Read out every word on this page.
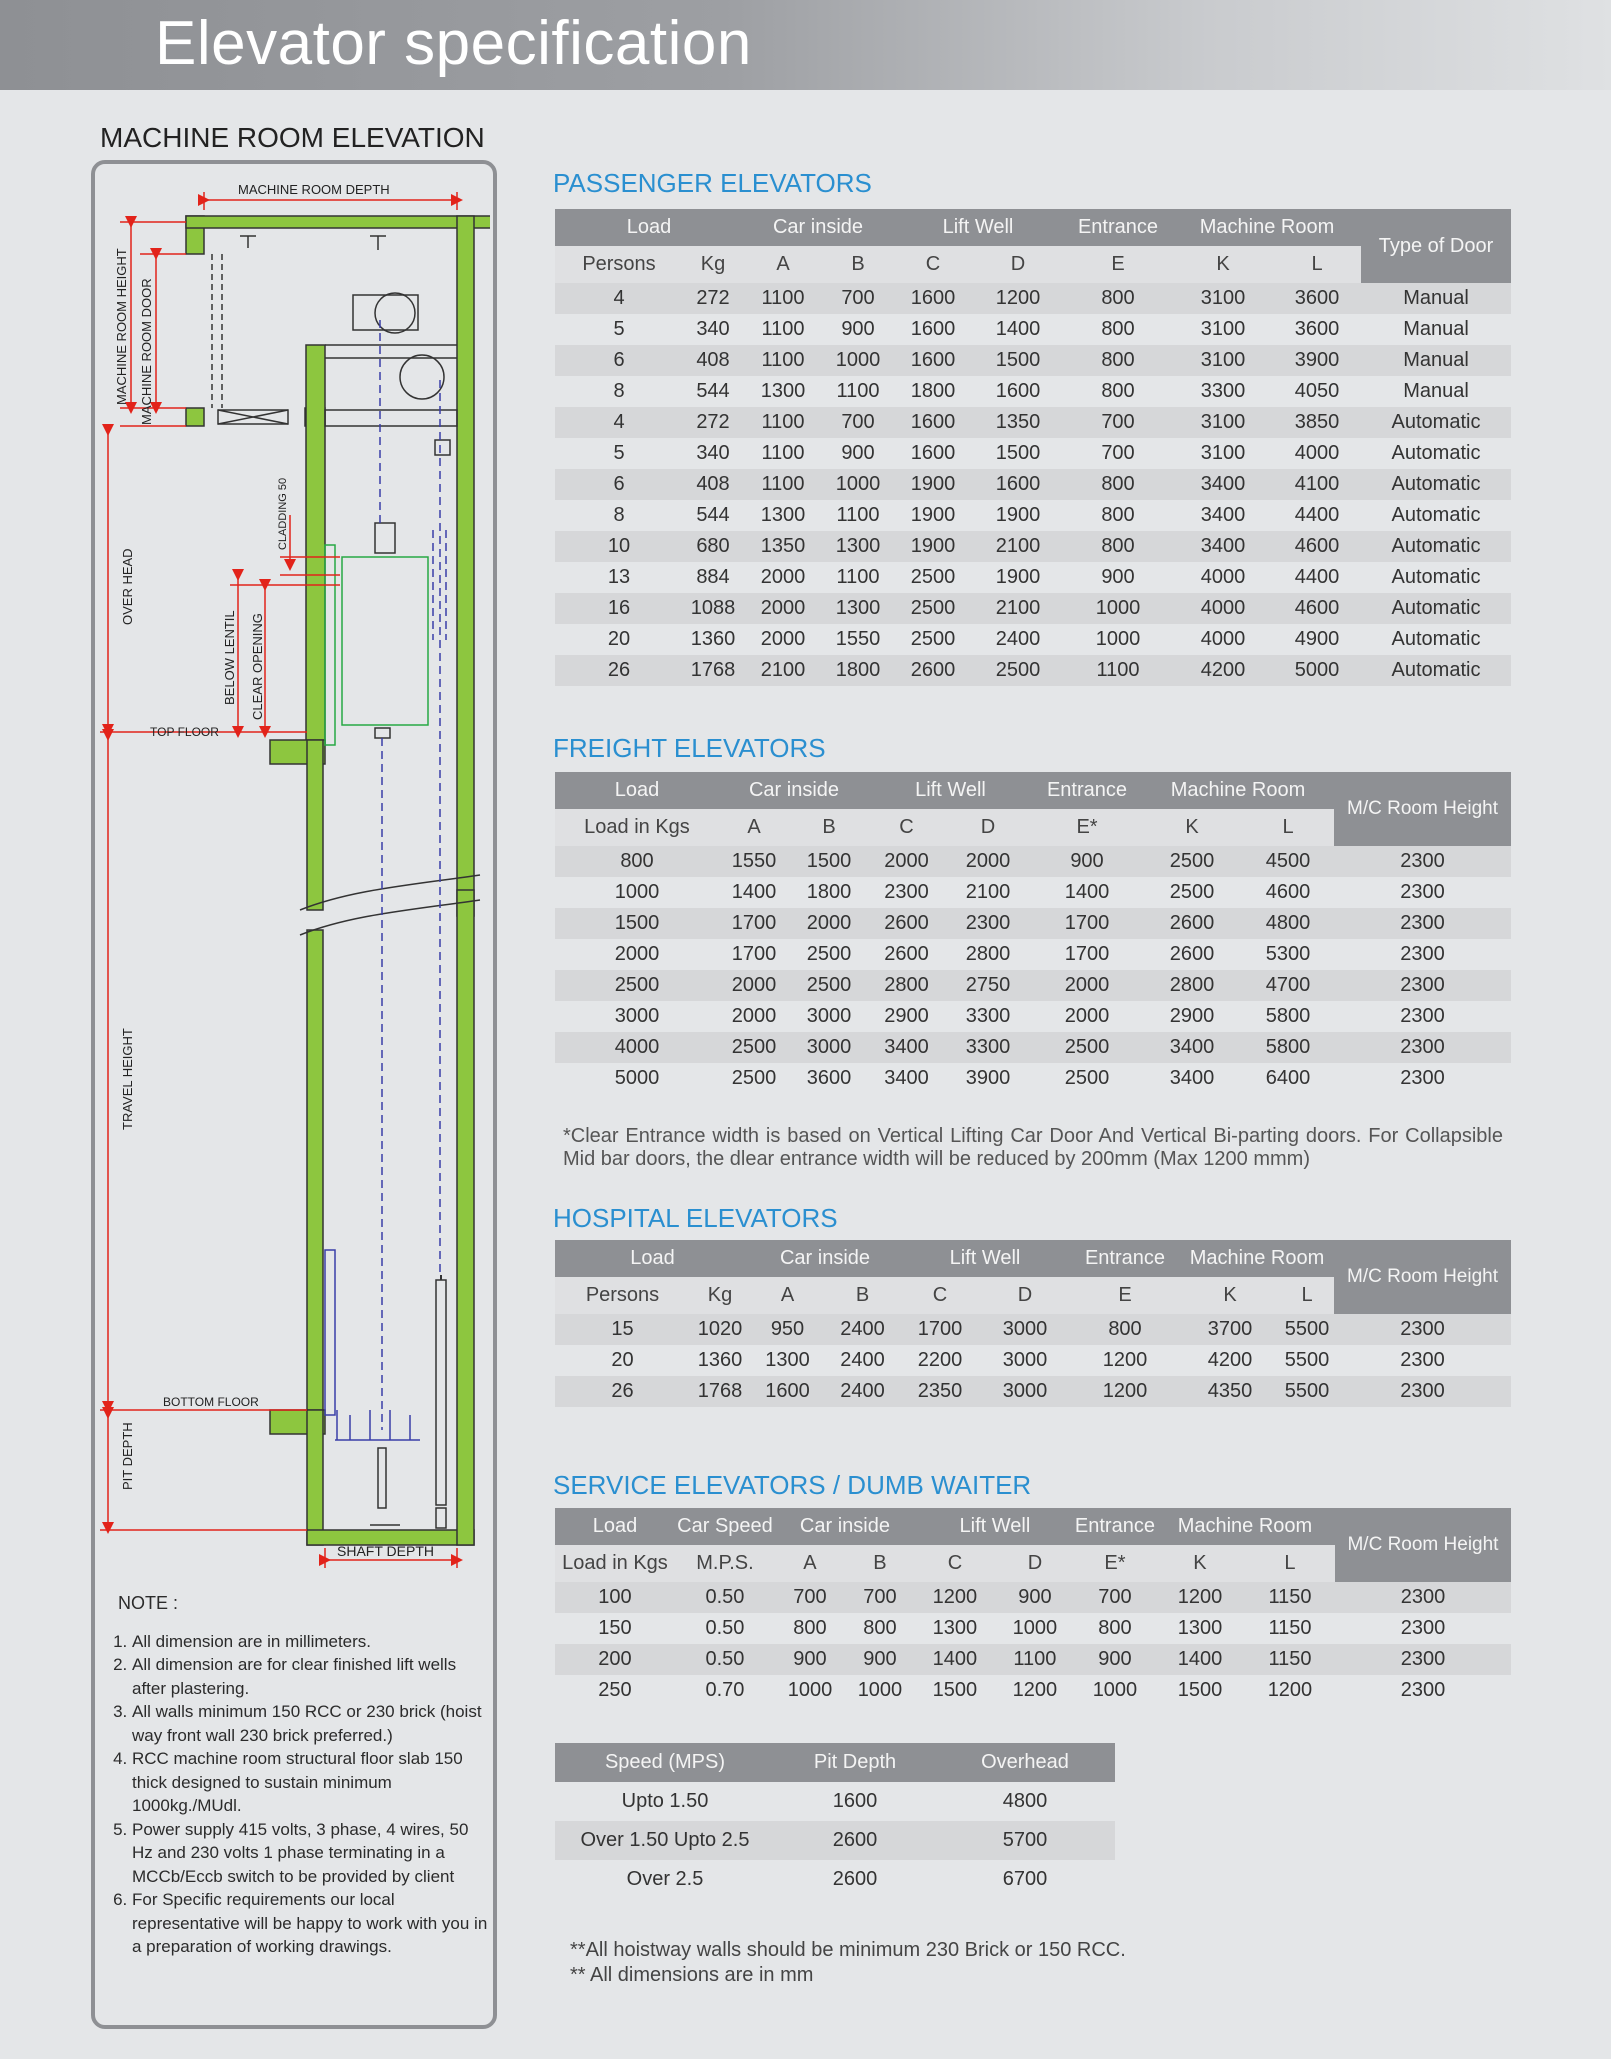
Elevator specification
MACHINE ROOM ELEVATION
MACHINE ROOM DEPTH
MACHINE ROOM HEIGHT MACHINE ROOM DOOR
CLADDING 50
OVER HEAD
BELOW LENTIL CLEAR OPENING
TOP FLOOR
TRAVEL HEIGHT
BOTTOM FLOOR
PIT DEPTH
SHAFT DEPTH
NOTE :
1. All dimension are in millimeters.
2. All dimension are for clear finished lift wells after plastering.
3. All walls minimum 150 RCC or 230 brick (hoist way front wall 230 brick preferred.)
4. RCC machine room structural floor slab 150 thick designed to sustain minimum 1000kg./MUdl.
5. Power supply 415 volts, 3 phase, 4 wires, 50 Hz and 230 volts 1 phase terminating in a MCCb/Eccb switch to be provided by client
6. For Specific requirements our local representative will be happy to work with you in a preparation of working drawings.
PASSENGER ELEVATORS
Load		Car inside		Lift Well		Entrance	Machine Room		Type of Door
Persons	Kg	A	B	C	D	E	K	L	
4	272	1100	700	1600	1200	800	3100	3600	Manual
5	340	1100	900	1600	1400	800	3100	3600	Manual
6	408	1100	1000	1600	1500	800	3100	3900	Manual
8	544	1300	1100	1800	1600	800	3300	4050	Manual
4	272	1100	700	1600	1350	700	3100	3850	Automatic
5	340	1100	900	1600	1500	700	3100	4000	Automatic
6	408	1100	1000	1900	1600	800	3400	4100	Automatic
8	544	1300	1100	1900	1900	800	3400	4400	Automatic
10	680	1350	1300	1900	2100	800	3400	4600	Automatic
13	884	2000	1100	2500	1900	900	4000	4400	Automatic
16	1088	2000	1300	2500	2100	1000	4000	4600	Automatic
20	1360	2000	1550	2500	2400	1000	4000	4900	Automatic
26	1768	2100	1800	2600	2500	1100	4200	5000	Automatic
FREIGHT ELEVATORS
Load	Car inside		Lift Well		Entrance	Machine Room		M/C Room Height
Load in Kgs	A	B	C	D	E*	K	L	
800	1550	1500	2000	2000	900	2500	4500	2300
1000	1400	1800	2300	2100	1400	2500	4600	2300
1500	1700	2000	2600	2300	1700	2600	4800	2300
2000	1700	2500	2600	2800	1700	2600	5300	2300
2500	2000	2500	2800	2750	2000	2800	4700	2300
3000	2000	3000	2900	3300	2000	2900	5800	2300
4000	2500	3000	3400	3300	2500	3400	5800	2300
5000	2500	3600	3400	3900	2500	3400	6400	2300
*Clear Entrance width is based on Vertical Lifting Car Door And Vertical Bi-parting doors. For Collapsible Mid bar doors, the dlear entrance width will be reduced by 200mm (Max 1200 mmm)
HOSPITAL ELEVATORS
Load		Car inside		Lift Well		Entrance	Machine Room		M/C Room Height
Persons	Kg	A	B	C	D	E	K	L	
15	1020	950	2400	1700	3000	800	3700	5500	2300
20	1360	1300	2400	2200	3000	1200	4200	5500	2300
26	1768	1600	2400	2350	3000	1200	4350	5500	2300
SERVICE ELEVATORS / DUMB WAITER
Load	Car Speed	Car inside		Lift Well		Entrance	Machine Room		M/C Room Height
Load in Kgs	M.P.S.	A	B	C	D	E*	K	L	
100	0.50	700	700	1200	900	700	1200	1150	2300
150	0.50	800	800	1300	1000	800	1300	1150	2300
200	0.50	900	900	1400	1100	900	1400	1150	2300
250	0.70	1000	1000	1500	1200	1000	1500	1200	2300
Speed (MPS)	Pit Depth	Overhead
Upto 1.50	1600	4800
Over 1.50 Upto 2.5	2600	5700
Over 2.5	2600	6700
**All hoistway walls should be minimum 230 Brick or 150 RCC.
** All dimensions are in mm
